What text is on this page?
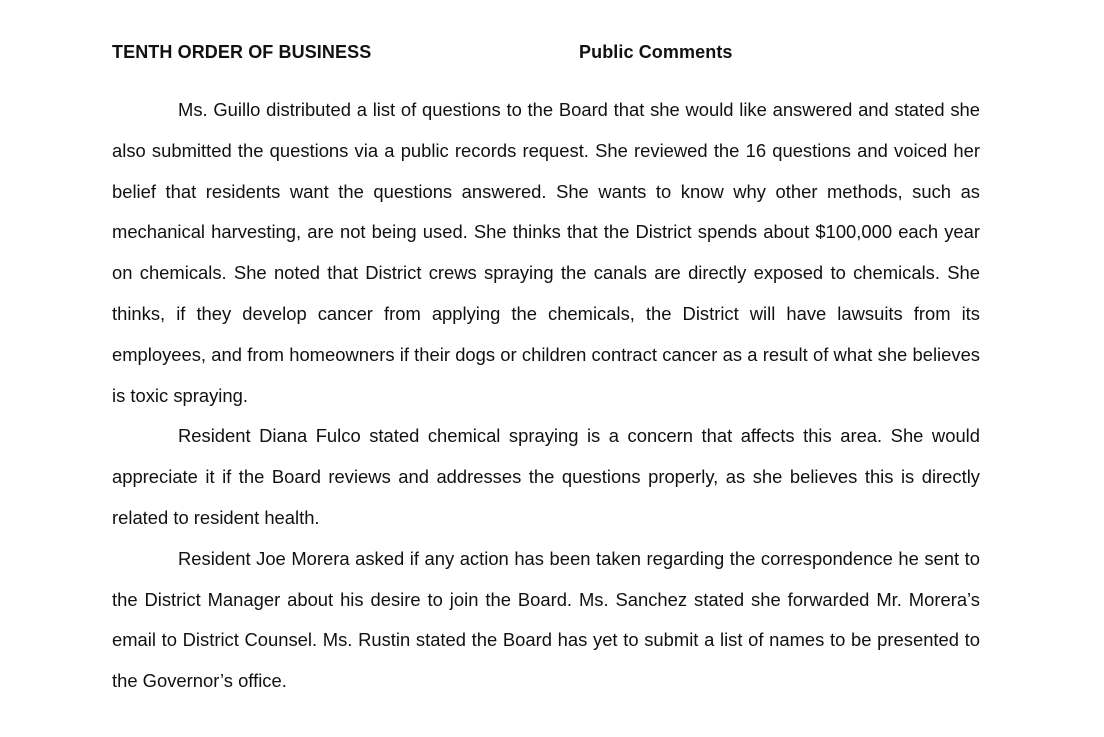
TENTH ORDER OF BUSINESS	Public Comments

Ms. Guillo distributed a list of questions to the Board that she would like answered and stated she also submitted the questions via a public records request. She reviewed the 16 questions and voiced her belief that residents want the questions answered. She wants to know why other methods, such as mechanical harvesting, are not being used. She thinks that the District spends about $100,000 each year on chemicals. She noted that District crews spraying the canals are directly exposed to chemicals. She thinks, if they develop cancer from applying the chemicals, the District will have lawsuits from its employees, and from homeowners if their dogs or children contract cancer as a result of what she believes is toxic spraying.

Resident Diana Fulco stated chemical spraying is a concern that affects this area. She would appreciate it if the Board reviews and addresses the questions properly, as she believes this is directly related to resident health.

Resident Joe Morera asked if any action has been taken regarding the correspondence he sent to the District Manager about his desire to join the Board. Ms. Sanchez stated she forwarded Mr. Morera’s email to District Counsel. Ms. Rustin stated the Board has yet to submit a list of names to be presented to the Governor’s office.
